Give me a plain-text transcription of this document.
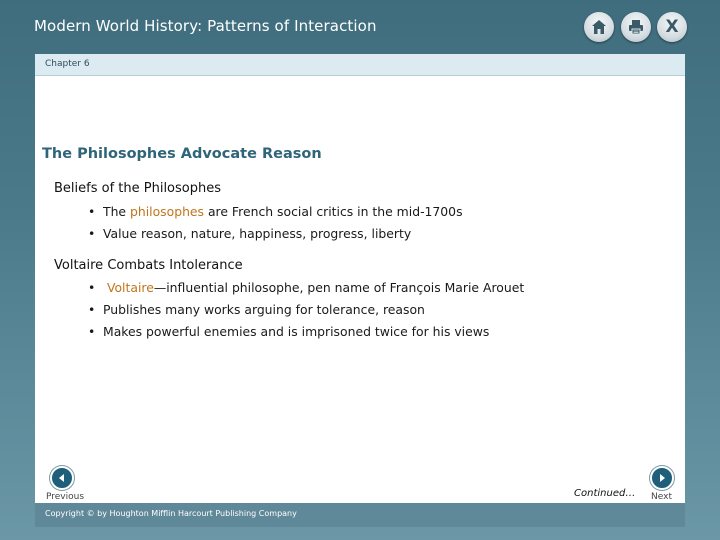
Modern World History: Patterns of Interaction	X
Chapter 6
The Philosophes Advocate Reason
Beliefs of the Philosophes
• The philosophes are French social critics in the mid-1700s
• Value reason, nature, happiness, progress, liberty
Voltaire Combats Intolerance
• Voltaire—influential philosophe, pen name of François Marie Arouet
• Publishes many works arguing for tolerance, reason
• Makes powerful enemies and is imprisoned twice for his views
Previous	Continued… Next
Copyright © by Houghton Mifflin Harcourt Publishing Company
